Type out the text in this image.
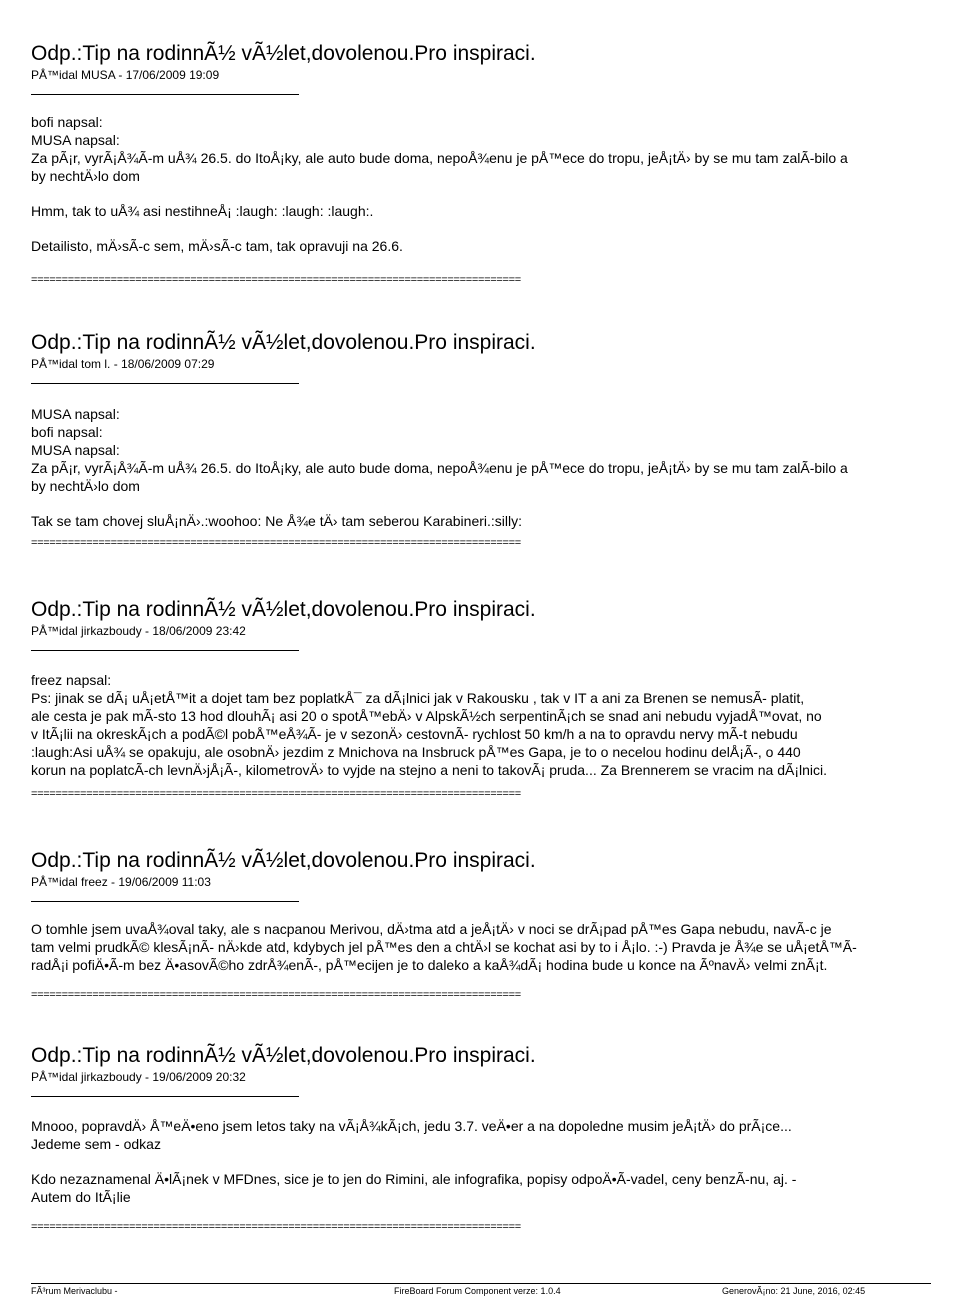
Odp.:Tip na rodinnÃ½ vÃ½let,dovolenou.Pro inspiraci.
PÅ™idal MUSA - 17/06/2009 19:09
bofi napsal:
MUSA napsal:
Za pÃ¡r, vyrÃ¡Å¾Ã-m uÅ¾ 26.5. do ItoÅ¡ky, ale auto bude doma, nepoÅ¾enu je pÅ™ece do tropu, jeÅ¡tÄ› by se mu tam zalÃ-bilo a
by nechtÄ›lo dom
Hmm, tak to uÅ¾ asi nestihneÅ¡ :laugh: :laugh: :laugh:.
Detailisto, mÄ›sÃ-c sem, mÄ›sÃ-c tam, tak opravuji na 26.6.
================================================================================
Odp.:Tip na rodinnÃ½ vÃ½let,dovolenou.Pro inspiraci.
PÅ™idal tom l. - 18/06/2009 07:29
MUSA napsal:
bofi napsal:
MUSA napsal:
Za pÃ¡r, vyrÃ¡Å¾Ã-m uÅ¾ 26.5. do ItoÅ¡ky, ale auto bude doma, nepoÅ¾enu je pÅ™ece do tropu, jeÅ¡tÄ› by se mu tam zalÃ-bilo a
by nechtÄ›lo dom
Tak se tam chovej sluÅ¡nÄ›.:woohoo: Ne Å¾e tÄ› tam seberou Karabineri.:silly:
================================================================================
Odp.:Tip na rodinnÃ½ vÃ½let,dovolenou.Pro inspiraci.
PÅ™idal jirkazboudy - 18/06/2009 23:42
freez napsal:
Ps: jinak se dÃ¡ uÅ¡etÅ™it a dojet tam bez poplatkÅ¯ za dÃ¡lnici jak v Rakousku , tak v IT a ani za Brenen se nemusÃ- platit,
ale cesta je pak mÃ-sto 13 hod dlouhÃ¡ asi 20 o spotÅ™ebÄ› v AlpskÃ½ch serpentinÃ¡ch se snad ani nebudu vyjadÅ™ovat, no
v ItÃ¡lii na okreskÃ¡ch a podÃ©l pobÅ™eÅ¾Ã- je v sezonÄ› cestovnÃ- rychlost 50 km/h a na to opravdu nervy mÃ-t nebudu
:laugh:Asi uÅ¾ se opakuju, ale osobnÄ› jezdim z Mnichova na Insbruck pÅ™es Gapa, je to o necelou hodinu delÅ¡Ã-, o 440
korun na poplatcÃ-ch levnÄ›jÅ¡Ã-, kilometrovÄ› to vyjde na stejno a neni to takovÃ¡ pruda... Za Brennerem se vracim na dÃ¡lnici.
================================================================================
Odp.:Tip na rodinnÃ½ vÃ½let,dovolenou.Pro inspiraci.
PÅ™idal freez - 19/06/2009 11:03
O tomhle jsem uvaÅ¾oval taky, ale s nacpanou Merivou, dÄ›tma atd a jeÅ¡tÄ› v noci se drÃ¡pad pÅ™es Gapa nebudu, navÃ-c je
tam velmi prudkÃ© klesÃ¡nÃ- nÄ›kde atd, kdybych jel pÅ™es den a chtÄ›l se kochat asi by to i Å¡lo. :-) Pravda je Å¾e se uÅ¡etÅ™Ã-
radÅ¡i pofiÄ•Ã-m bez Ä•asovÃ©ho zdrÅ¾enÃ-, pÅ™ecijen je to daleko a kaÅ¾dÃ¡ hodina bude u konce na ÃºnavÄ› velmi znÃ¡t.
================================================================================
Odp.:Tip na rodinnÃ½ vÃ½let,dovolenou.Pro inspiraci.
PÅ™idal jirkazboudy - 19/06/2009 20:32
Mnooo, popravdÄ› Å™eÄ•eno jsem letos taky na vÃ¡Å¾kÃ¡ch, jedu 3.7. veÄ•er a na dopoledne musim jeÅ¡tÄ› do prÃ¡ce...
Jedeme sem - odkaz
Kdo nezaznamenal Ä•lÃ¡nek v MFDnes, sice je to jen do Rimini, ale infografika, popisy odpoÄ•Ã-vadel, ceny benzÃ-nu, aj. -
Autem do ItÃ¡lie
================================================================================
FÃ³rum Merivaclubu -	FireBoard Forum Component verze: 1.0.4	GenerovÃ¡no: 21 June, 2016, 02:45
